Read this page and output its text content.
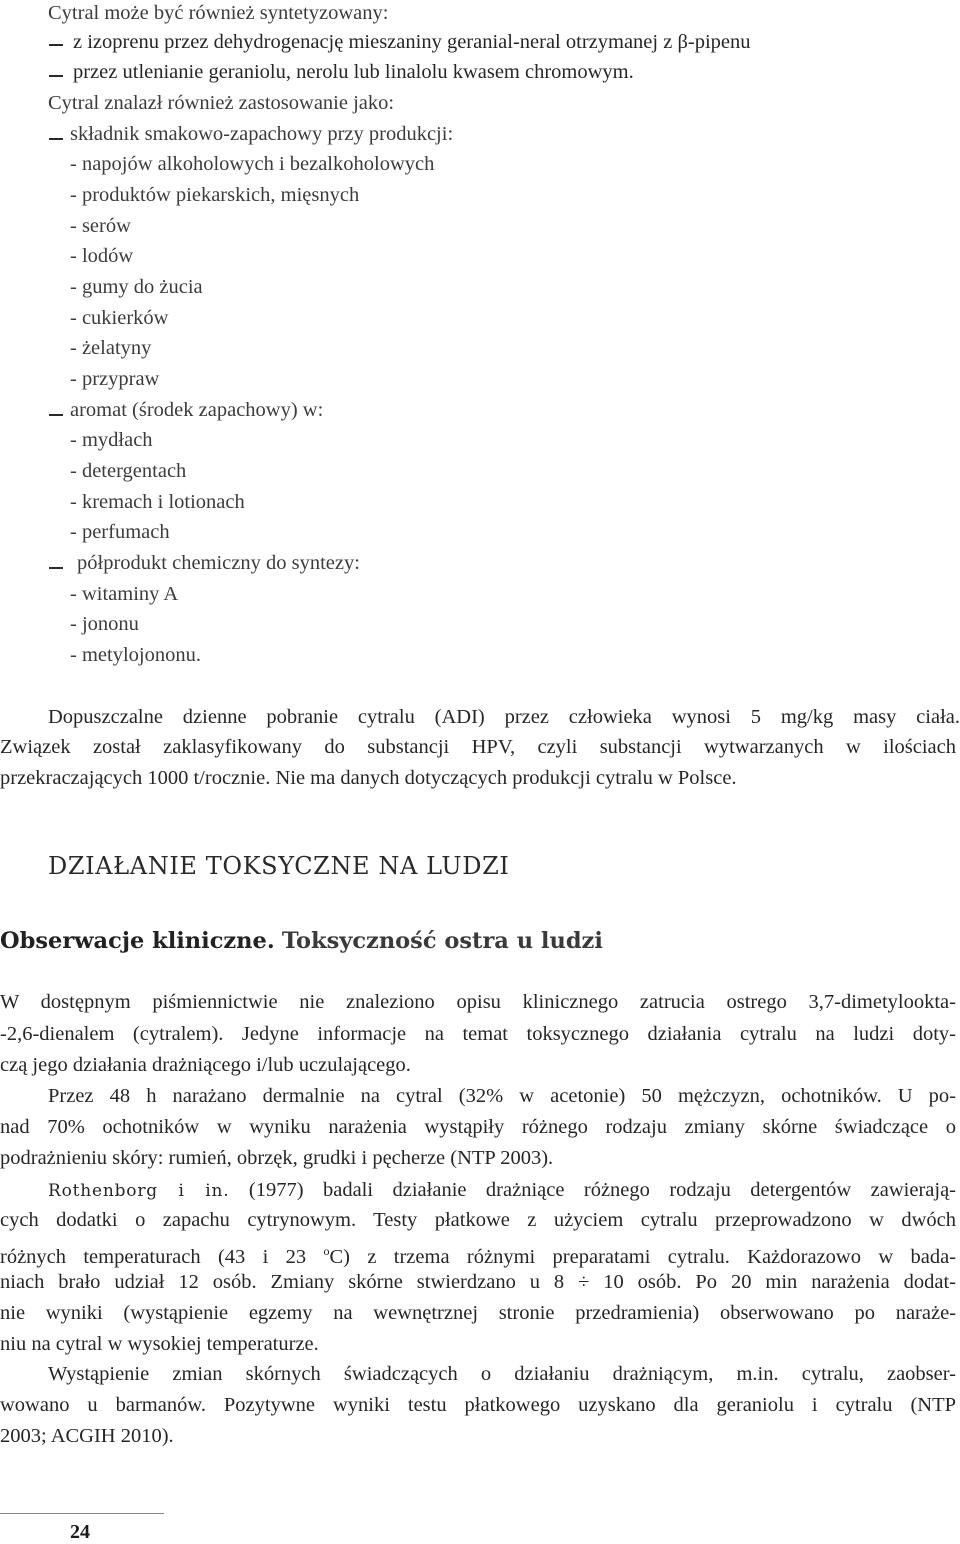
Cytral może być również syntetyzowany:
z izoprenu przez dehydrogenację mieszaniny geranial-neral otrzymanej z β-pipenu
przez utlenianie geraniolu, nerolu lub linalolu kwasem chromowym.
Cytral znalazł również zastosowanie jako:
składnik smakowo-zapachowy przy produkcji:
- napojów alkoholowych i bezalkoholowych
- produktów piekarskich, mięsnych
- serów
- lodów
- gumy do żucia
- cukierków
- żelatyny
- przypraw
aromat (środek zapachowy) w:
- mydłach
- detergentach
- kremach i lotionach
- perfumach
półprodukt chemiczny do syntezy:
- witaminy A
- jononu
- metylojononu.
Dopuszczalne dzienne pobranie cytralu (ADI) przez człowieka wynosi 5 mg/kg masy ciała.
Związek został zaklasyfikowany do substancji HPV, czyli substancji wytwarzanych w ilościach
przekraczających 1000 t/rocznie. Nie ma danych dotyczących produkcji cytralu w Polsce.
DZIAŁANIE TOKSYCZNE NA LUDZI
Obserwacje kliniczne. Toksyczność ostra u ludzi
W dostępnym piśmiennictwie nie znaleziono opisu klinicznego zatrucia ostrego 3,7-dimetylookta-
-2,6-dienalem (cytralem). Jedyne informacje na temat toksycznego działania cytralu na ludzi doty-
czą jego działania drażniącego i/lub uczulającego.
Przez 48 h narażano dermalnie na cytral (32% w acetonie) 50 mężczyzn, ochotników. U po-
nad 70% ochotników w wyniku narażenia wystąpiły różnego rodzaju zmiany skórne świadczące o
podrażnieniu skóry: rumień, obrzęk, grudki i pęcherze (NTP 2003).
Rothenborg i in. (1977) badali działanie drażniące różnego rodzaju detergentów zawierają-
cych dodatki o zapachu cytrynowym. Testy płatkowe z użyciem cytralu przeprowadzono w dwóch
różnych temperaturach (43 i 23 $^o$C) z trzema różnymi preparatami cytralu. Każdorazowo w bada-
niach brało udział 12 osób. Zmiany skórne stwierdzano u 8 ÷ 10 osób. Po 20 min narażenia dodat-
nie wyniki (wystąpienie egzemy na wewnętrznej stronie przedramienia) obserwowano po naraże-
niu na cytral w wysokiej temperaturze.
Wystąpienie zmian skórnych świadczących o działaniu drażniącym, m.in. cytralu, zaobser-
wowano u barmanów. Pozytywne wyniki testu płatkowego uzyskano dla geraniolu i cytralu (NTP
2003; ACGIH 2010).
24
